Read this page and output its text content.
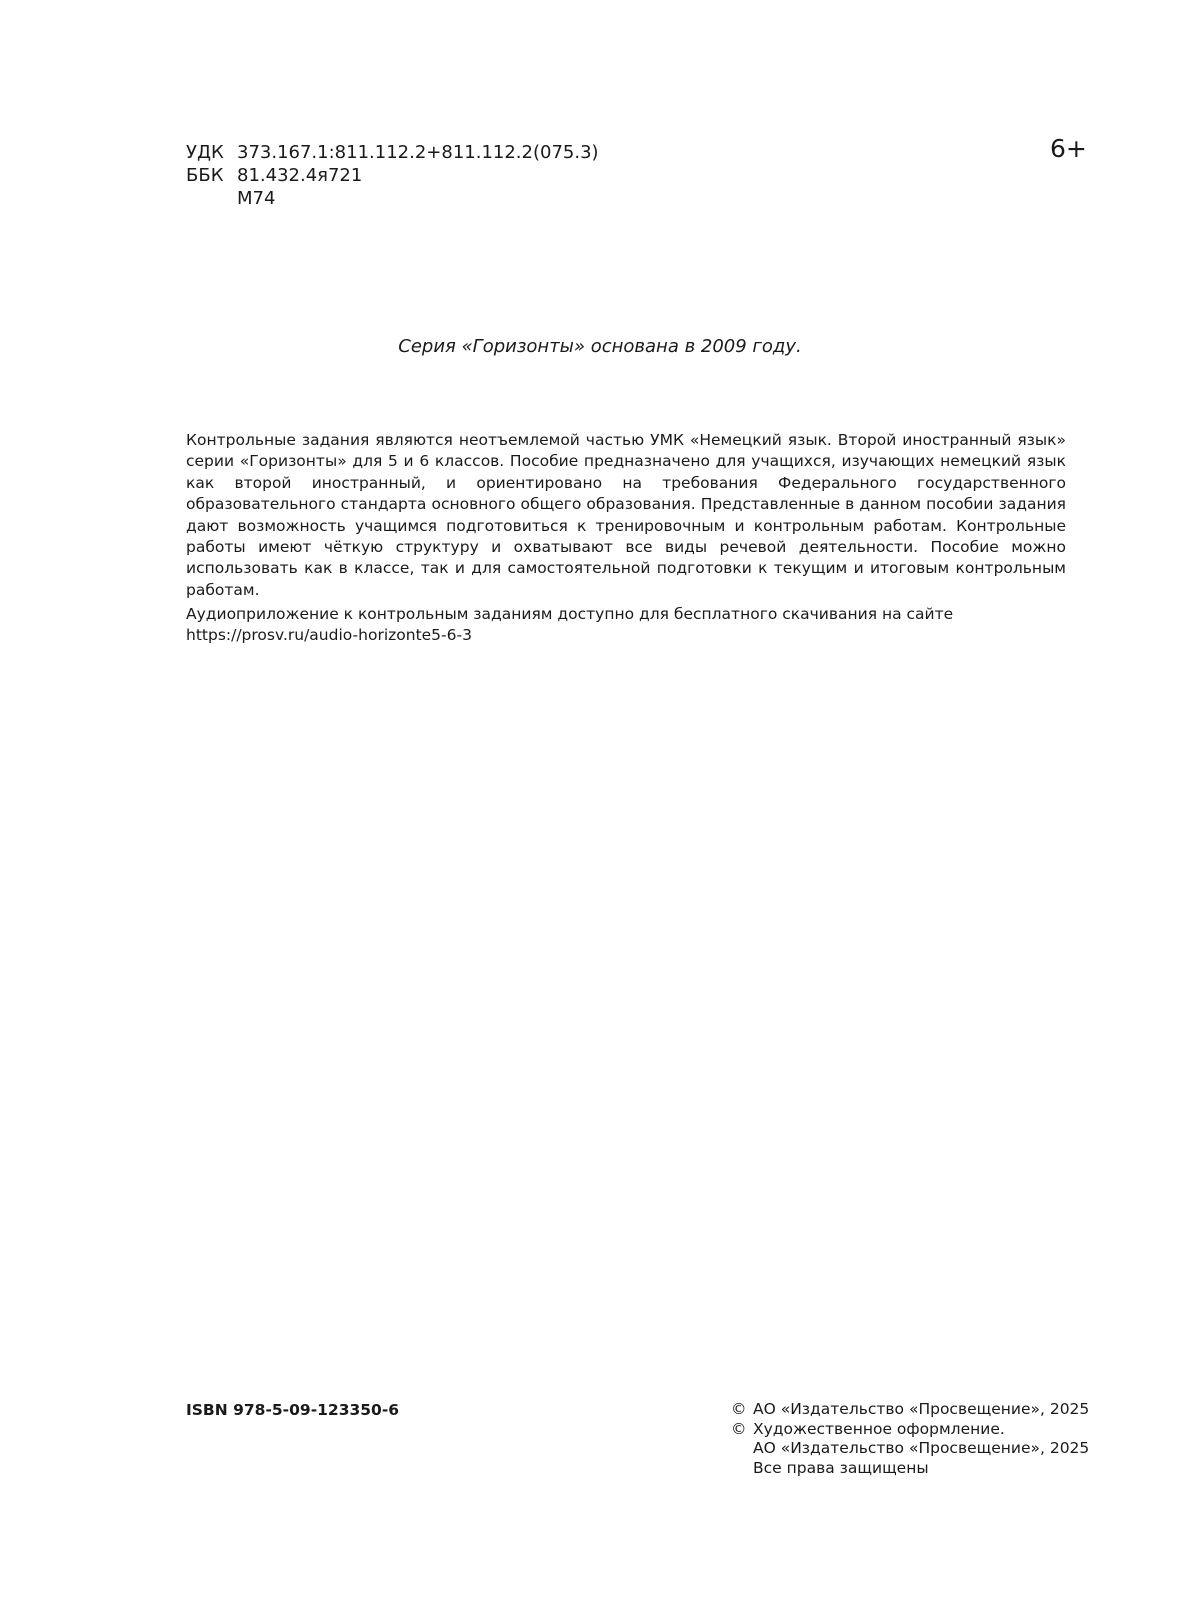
УДК 373.167.1:811.112.2+811.112.2(075.3)
ББК 81.432.4я721
М74
6+
Серия «Горизонты» основана в 2009 году.

Контрольные задания являются неотъемлемой частью УМК «Немецкий язык. Второй иностранный язык» серии «Горизонты» для 5 и 6 классов. Пособие предназначено для учащихся, изучающих немецкий язык как второй иностранный, и ориентировано на требования Федерального государственного образовательного стандарта основного общего образования. Представленные в данном пособии задания дают возможность учащимся подготовиться к тренировочным и контрольным работам. Контрольные работы имеют чёткую структуру и охватывают все виды речевой деятельности. Пособие можно использовать как в классе, так и для самостоятельной подготовки к текущим и итоговым контрольным работам.

Аудиоприложение к контрольным заданиям доступно для бесплатного скачивания на сайте

https://prosv.ru/audio-horizonte5-6-3

ISBN 978-5-09-123350-6	© АО «Издательство «Просвещение», 2025
© Художественное оформление.
АО «Издательство «Просвещение», 2025
Все права защищены
